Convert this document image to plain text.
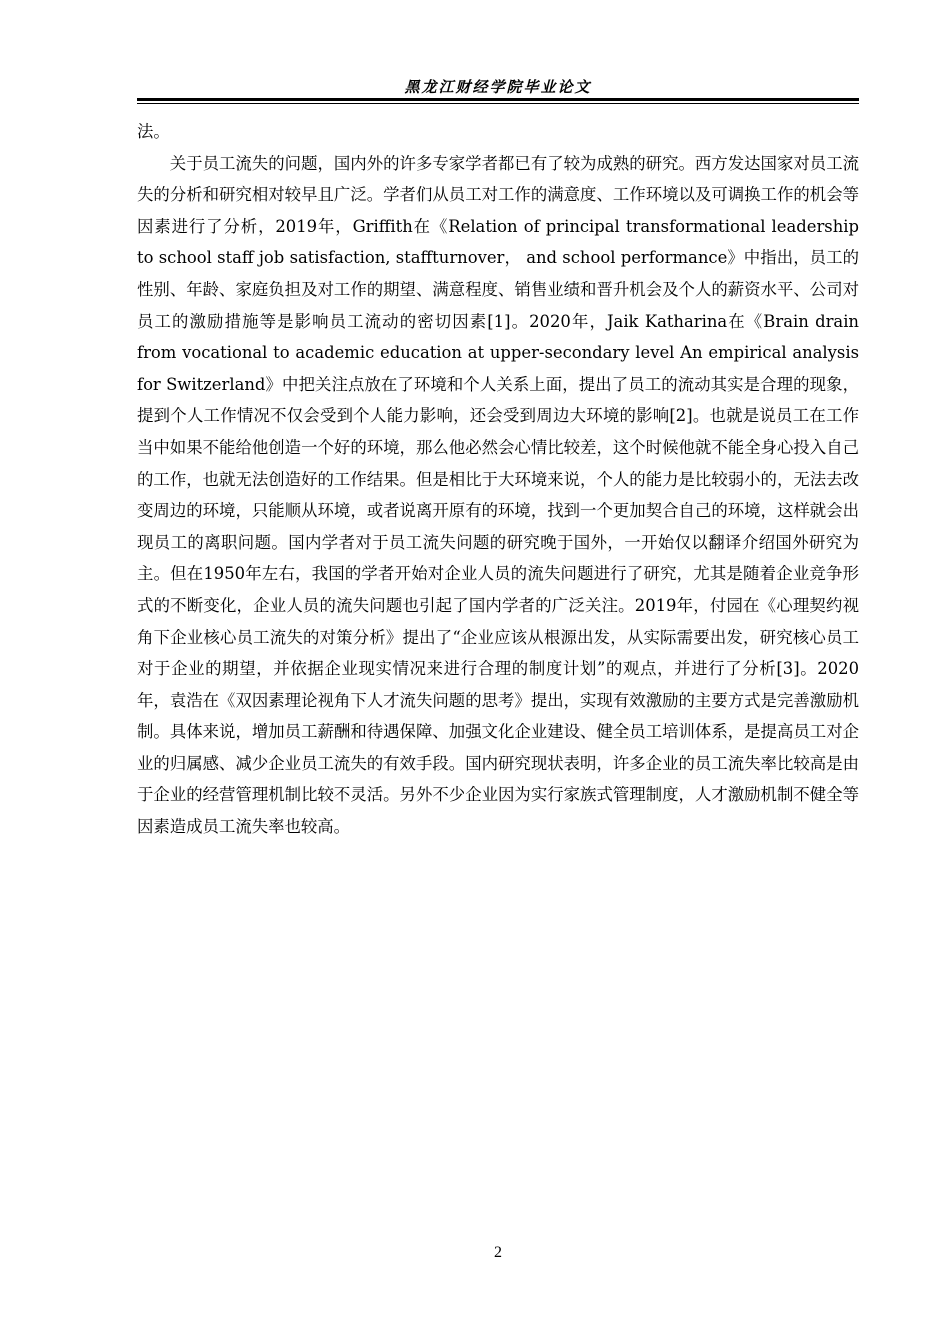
黑龙江财经学院毕业论文

法。

关于员工流失的问题，国内外的许多专家学者都已有了较为成熟的研究。西方发达国家对员工流失的分析和研究相对较早且广泛。学者们从员工对工作的满意度、工作环境以及可调换工作的机会等因素进行了分析，2019年，Griffith在《Relation of principal transformational leadership to school staff job satisfaction, staffturnover， and school performance》中指出，员工的性别、年龄、家庭负担及对工作的期望、满意程度、销售业绩和晋升机会及个人的薪资水平、公司对员工的激励措施等是影响员工流动的密切因素[1]。2020年，Jaik Katharina在《Brain drain from vocational to academic education at upper-secondary level An empirical analysis for Switzerland》中把关注点放在了环境和个人关系上面，提出了员工的流动其实是合理的现象，提到个人工作情况不仅会受到个人能力影响，还会受到周边大环境的影响[2]。也就是说员工在工作当中如果不能给他创造一个好的环境，那么他必然会心情比较差，这个时候他就不能全身心投入自己的工作，也就无法创造好的工作结果。但是相比于大环境来说，个人的能力是比较弱小的，无法去改变周边的环境，只能顺从环境，或者说离开原有的环境，找到一个更加契合自己的环境，这样就会出现员工的离职问题。国内学者对于员工流失问题的研究晚于国外，一开始仅以翻译介绍国外研究为主。但在1950年左右，我国的学者开始对企业人员的流失问题进行了研究，尤其是随着企业竞争形式的不断变化，企业人员的流失问题也引起了国内学者的广泛关注。2019年，付园在《心理契约视角下企业核心员工流失的对策分析》提出了“企业应该从根源出发，从实际需要出发，研究核心员工对于企业的期望，并依据企业现实情况来进行合理的制度计划”的观点，并进行了分析[3]。2020年，袁浩在《双因素理论视角下人才流失问题的思考》提出，实现有效激励的主要方式是完善激励机制。具体来说，增加员工薪酬和待遇保障、加强文化企业建设、健全员工培训体系，是提高员工对企业的归属感、减少企业员工流失的有效手段。国内研究现状表明，许多企业的员工流失率比较高是由于企业的经营管理机制比较不灵活。另外不少企业因为实行家族式管理制度，人才激励机制不健全等因素造成员工流失率也较高。

2
